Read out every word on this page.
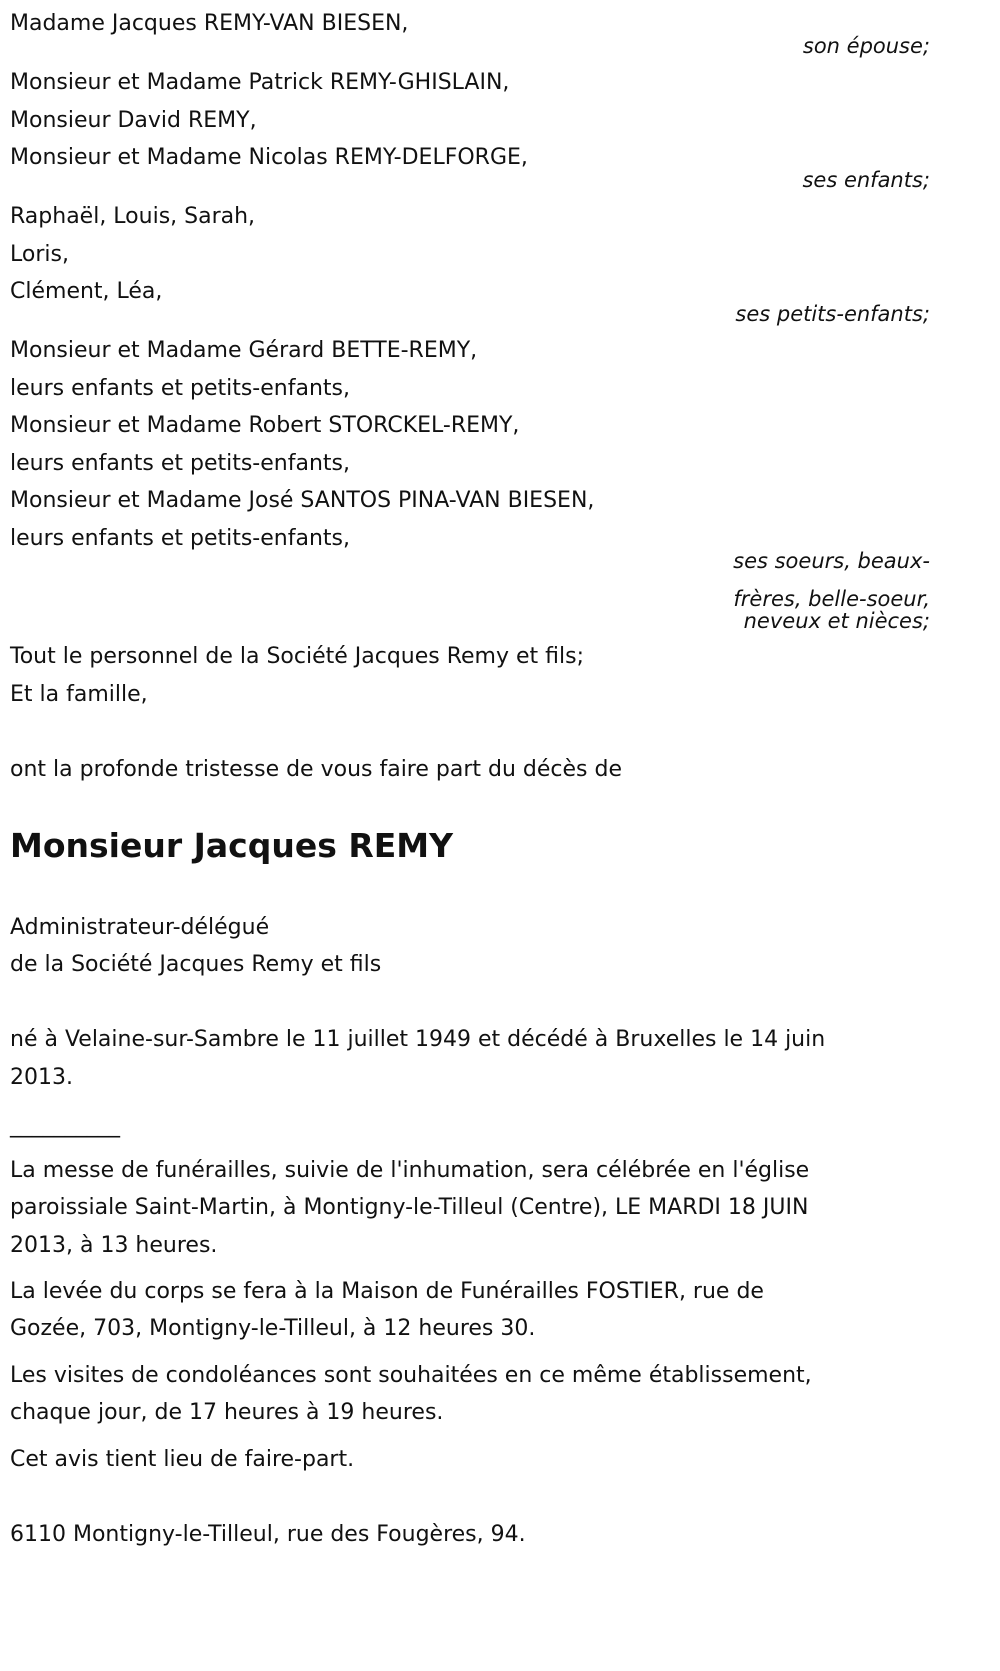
Madame Jacques REMY-VAN BIESEN,
son épouse;
Monsieur et Madame Patrick REMY-GHISLAIN,
Monsieur David REMY,
Monsieur et Madame Nicolas REMY-DELFORGE,
ses enfants;
Raphaël, Louis, Sarah,
Loris,
Clément, Léa,
ses petits-enfants;
Monsieur et Madame Gérard BETTE-REMY,
leurs enfants et petits-enfants,
Monsieur et Madame Robert STORCKEL-REMY,
leurs enfants et petits-enfants,
Monsieur et Madame José SANTOS PINA-VAN BIESEN,
leurs enfants et petits-enfants,
ses soeurs, beaux-
frères, belle-soeur,
neveux et nièces;
Tout le personnel de la Société Jacques Remy et fils;
Et la famille,
ont la profonde tristesse de vous faire part du décès de
Monsieur Jacques REMY
Administrateur-délégué
de la Société Jacques Remy et fils
né à Velaine-sur-Sambre le 11 juillet 1949 et décédé à Bruxelles le 14 juin
2013.
__________
La messe de funérailles, suivie de l'inhumation, sera célébrée en l'église
paroissiale Saint-Martin, à Montigny-le-Tilleul (Centre), LE MARDI 18 JUIN
2013, à 13 heures.
La levée du corps se fera à la Maison de Funérailles FOSTIER, rue de
Gozée, 703, Montigny-le-Tilleul, à 12 heures 30.
Les visites de condoléances sont souhaitées en ce même établissement,
chaque jour, de 17 heures à 19 heures.
Cet avis tient lieu de faire-part.
6110 Montigny-le-Tilleul, rue des Fougères, 94.
